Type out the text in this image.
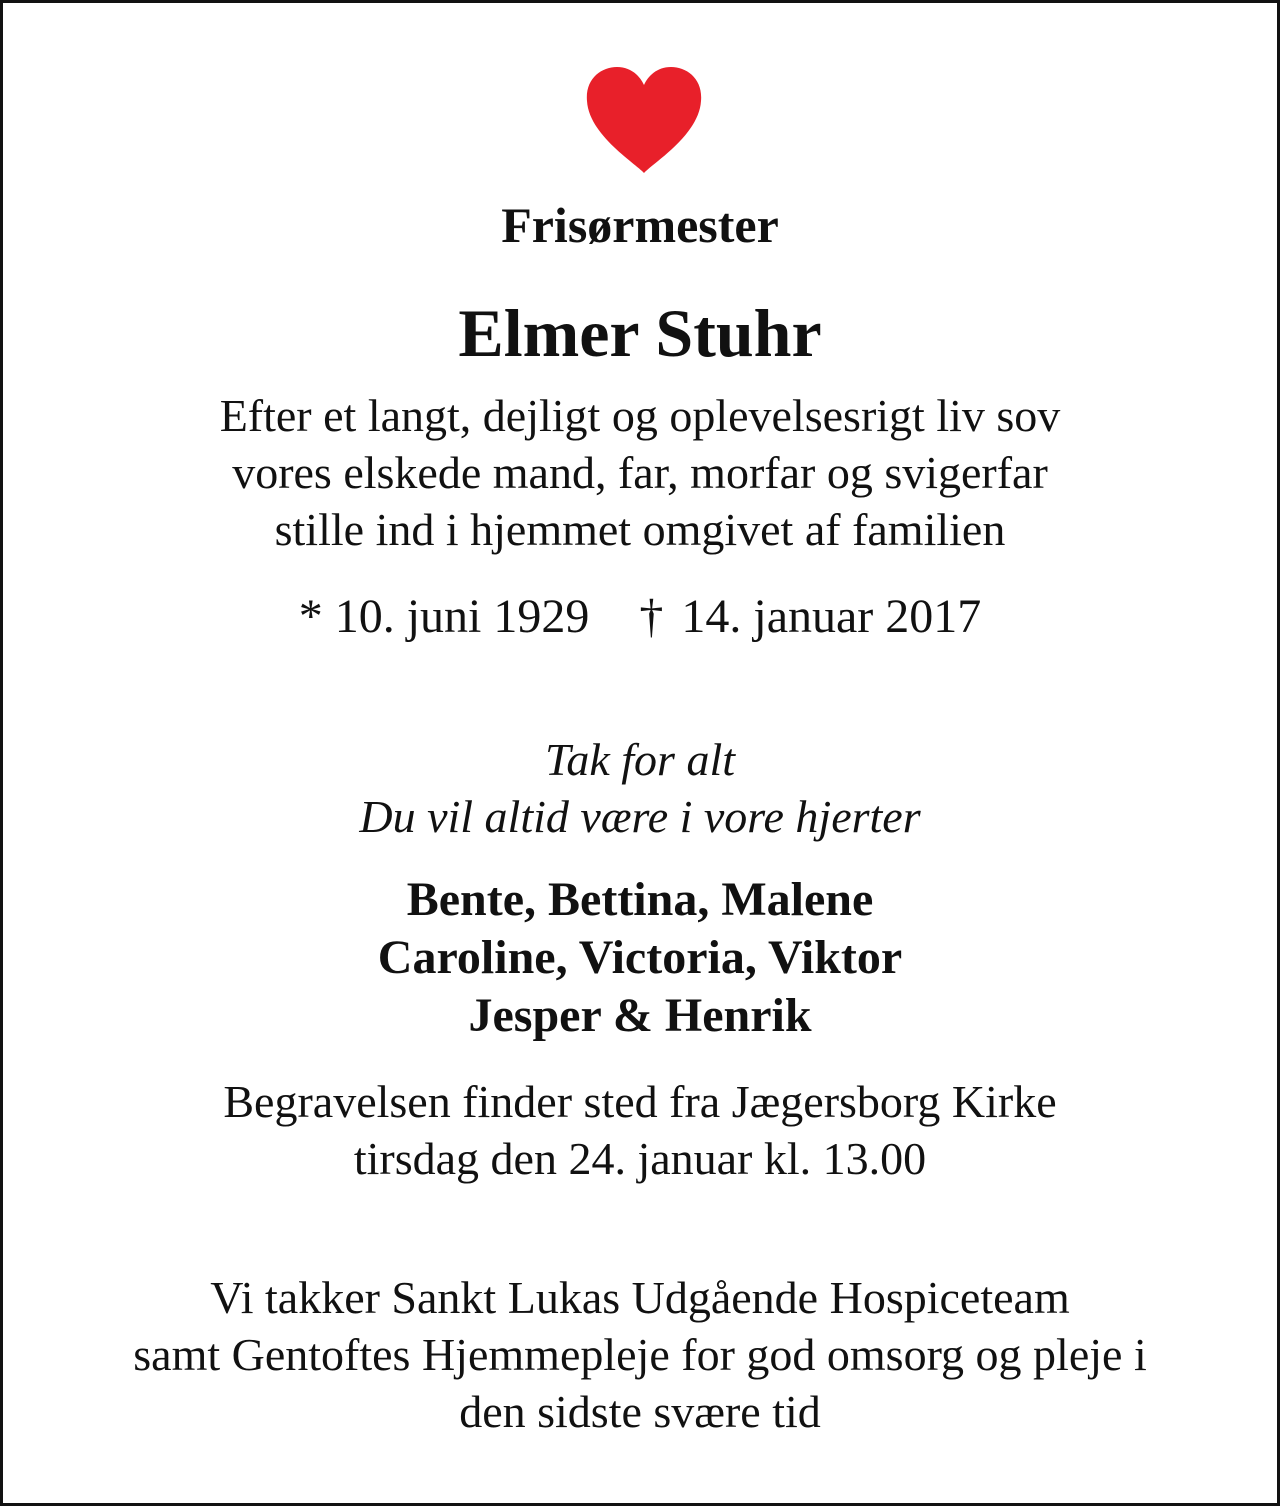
Frisørmester
Elmer Stuhr
Efter et langt, dejligt og oplevelsesrigt liv sov
vores elskede mand, far, morfar og svigerfar
stille ind i hjemmet omgivet af familien
* 10. juni 1929 † 14. januar 2017
Tak for alt
Du vil altid være i vore hjerter
Bente, Bettina, Malene
Caroline, Victoria, Viktor
Jesper & Henrik
Begravelsen finder sted fra Jægersborg Kirke
tirsdag den 24. januar kl. 13.00
Vi takker Sankt Lukas Udgående Hospiceteam
samt Gentoftes Hjemmepleje for god omsorg og pleje i
den sidste svære tid
